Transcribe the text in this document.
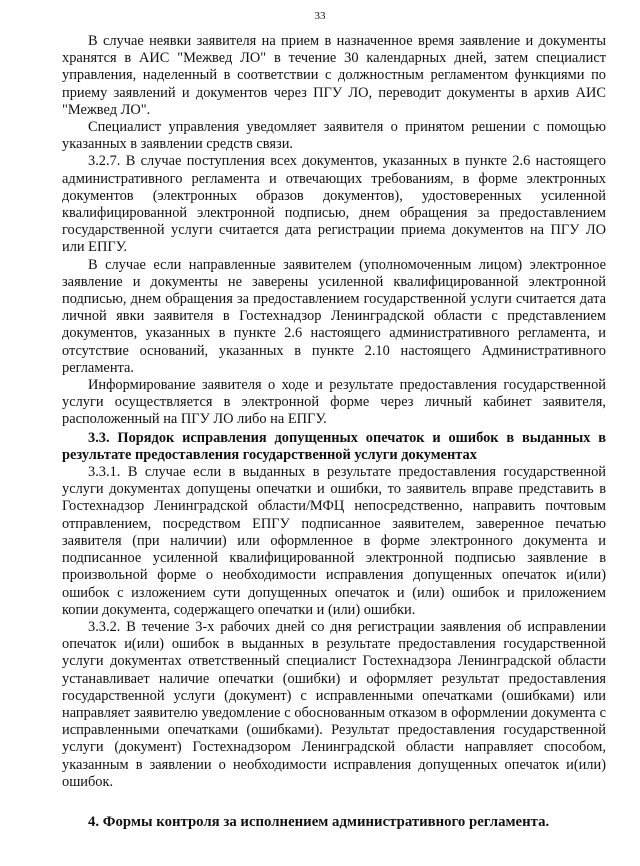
33

В случае неявки заявителя на прием в назначенное время заявление и документы хранятся в АИС "Межвед ЛО" в течение 30 календарных дней, затем специалист управления, наделенный в соответствии с должностным регламентом функциями по приему заявлений и документов через ПГУ ЛО, переводит документы в архив АИС "Межвед ЛО".

Специалист управления уведомляет заявителя о принятом решении с помощью указанных в заявлении средств связи.

3.2.7. В случае поступления всех документов, указанных в пункте 2.6 настоящего административного регламента и отвечающих требованиям, в форме электронных документов (электронных образов документов), удостоверенных усиленной квалифицированной электронной подписью, днем обращения за предоставлением государственной услуги считается дата регистрации приема документов на ПГУ ЛО или ЕПГУ.

В случае если направленные заявителем (уполномоченным лицом) электронное заявление и документы не заверены усиленной квалифицированной электронной подписью, днем обращения за предоставлением государственной услуги считается дата личной явки заявителя в Гостехнадзор Ленинградской области с представлением документов, указанных в пункте 2.6 настоящего административного регламента, и отсутствие оснований, указанных в пункте 2.10 настоящего Административного регламента.

Информирование заявителя о ходе и результате предоставления государственной услуги осуществляется в электронной форме через личный кабинет заявителя, расположенный на ПГУ ЛО либо на ЕПГУ.

3.3. Порядок исправления допущенных опечаток и ошибок в выданных в результате предоставления государственной услуги документах

3.3.1. В случае если в выданных в результате предоставления государственной услуги документах допущены опечатки и ошибки, то заявитель вправе представить в Гостехнадзор Ленинградской области/МФЦ непосредственно, направить почтовым отправлением, посредством ЕПГУ подписанное заявителем, заверенное печатью заявителя (при наличии) или оформленное в форме электронного документа и подписанное усиленной квалифицированной электронной подписью заявление в произвольной форме о необходимости исправления допущенных опечаток и(или) ошибок с изложением сути допущенных опечаток и (или) ошибок и приложением копии документа, содержащего опечатки и (или) ошибки.

3.3.2. В течение 3-х рабочих дней со дня регистрации заявления об исправлении опечаток и(или) ошибок в выданных в результате предоставления государственной услуги документах ответственный специалист Гостехнадзора Ленинградской области устанавливает наличие опечатки (ошибки) и оформляет результат предоставления государственной услуги (документ) с исправленными опечатками (ошибками) или направляет заявителю уведомление с обоснованным отказом в оформлении документа с исправленными опечатками (ошибками). Результат предоставления государственной услуги (документ) Гостехнадзором Ленинградской области направляет способом, указанным в заявлении о необходимости исправления допущенных опечаток и(или) ошибок.

4. Формы контроля за исполнением административного регламента.
